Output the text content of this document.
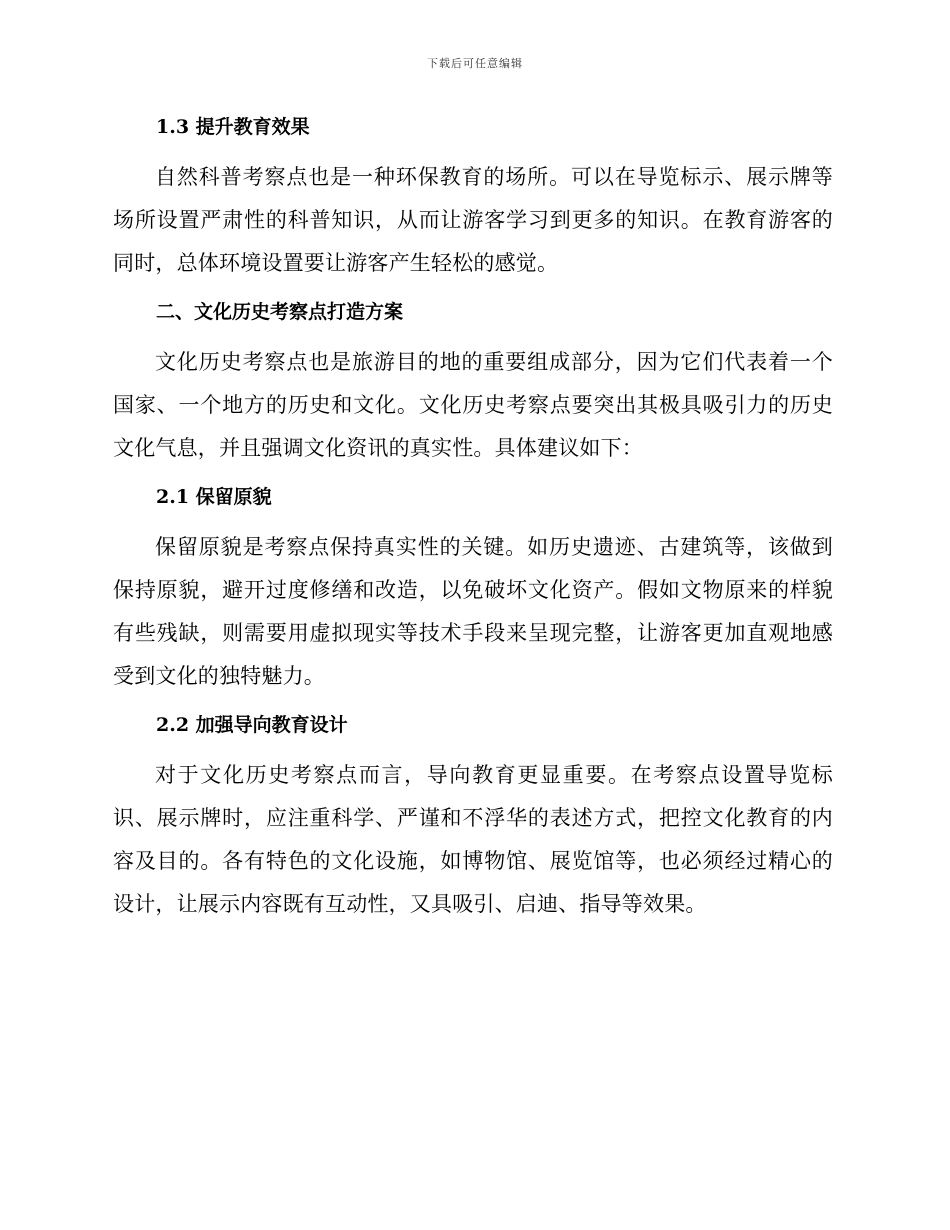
下载后可任意编辑
1.3 提升教育效果

自然科普考察点也是一种环保教育的场所。可以在导览标示、展示牌等场所设置严肃性的科普知识，从而让游客学习到更多的知识。在教育游客的同时，总体环境设置要让游客产生轻松的感觉。

二、文化历史考察点打造方案

文化历史考察点也是旅游目的地的重要组成部分，因为它们代表着一个国家、一个地方的历史和文化。文化历史考察点要突出其极具吸引力的历史文化气息，并且强调文化资讯的真实性。具体建议如下：

2.1 保留原貌

保留原貌是考察点保持真实性的关键。如历史遗迹、古建筑等，该做到保持原貌，避开过度修缮和改造，以免破坏文化资产。假如文物原来的样貌有些残缺，则需要用虚拟现实等技术手段来呈现完整，让游客更加直观地感受到文化的独特魅力。

2.2 加强导向教育设计

对于文化历史考察点而言，导向教育更显重要。在考察点设置导览标识、展示牌时，应注重科学、严谨和不浮华的表述方式，把控文化教育的内容及目的。各有特色的文化设施，如博物馆、展览馆等，也必须经过精心的设计，让展示内容既有互动性，又具吸引、启迪、指导等效果。
